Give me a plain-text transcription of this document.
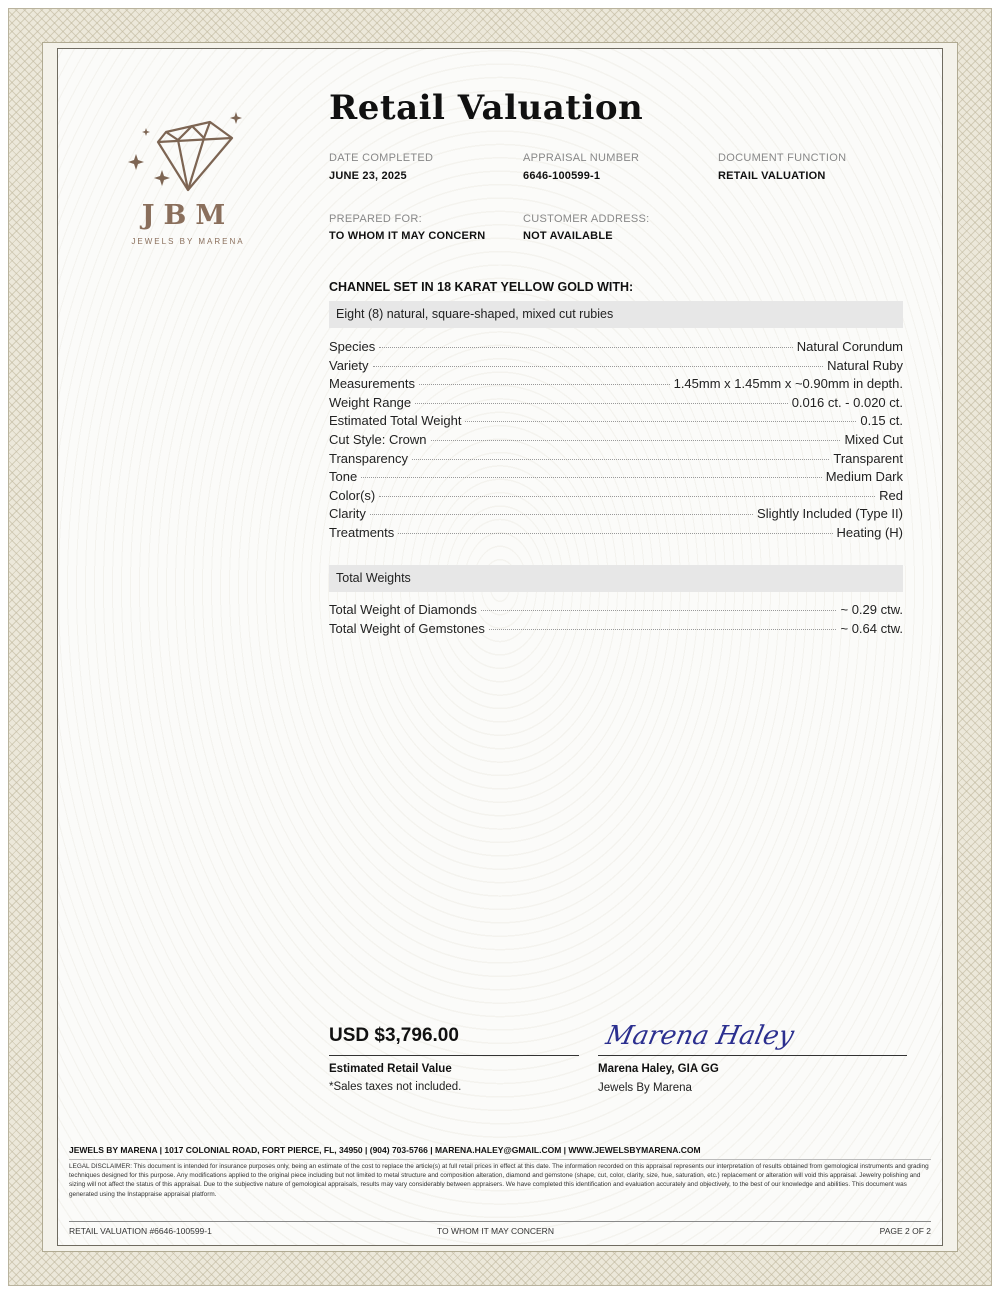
JBM
JEWELS BY MARENA
Retail Valuation
DATE COMPLETED
JUNE 23, 2025
APPRAISAL NUMBER
6646-100599-1
DOCUMENT FUNCTION
RETAIL VALUATION
PREPARED FOR:
TO WHOM IT MAY CONCERN
CUSTOMER ADDRESS:
NOT AVAILABLE
CHANNEL SET IN 18 KARAT YELLOW GOLD WITH:
Eight (8) natural, square-shaped, mixed cut rubies
Species	Natural Corundum
Variety	Natural Ruby
Measurements	1.45mm x 1.45mm x ~0.90mm in depth.
Weight Range	0.016 ct. - 0.020 ct.
Estimated Total Weight	0.15 ct.
Cut Style: Crown	Mixed Cut
Transparency	Transparent
Tone	Medium Dark
Color(s)	Red
Clarity	Slightly Included (Type II)
Treatments	Heating (H)
Total Weights
Total Weight of Diamonds	~ 0.29 ctw.
Total Weight of Gemstones	~ 0.64 ctw.
USD $3,796.00
Estimated Retail Value
*Sales taxes not included.
Marena Haley
Marena Haley, GIA GG
Jewels By Marena
JEWELS BY MARENA | 1017 COLONIAL ROAD, FORT PIERCE, FL, 34950 | (904) 703-5766 | MARENA.HALEY@GMAIL.COM | WWW.JEWELSBYMARENA.COM
LEGAL DISCLAIMER: This document is intended for insurance purposes only, being an estimate of the cost to replace the article(s) at full retail prices in effect at this date. The information recorded on this appraisal represents our interpretation of results obtained from gemological instruments and grading techniques designed for this purpose. Any modifications applied to the original piece including but not limited to metal structure and composition alteration, diamond and gemstone (shape, cut, color, clarity, size, hue, saturation, etc.) replacement or alteration will void this appraisal. Jewelry polishing and sizing will not affect the status of this appraisal. Due to the subjective nature of gemological appraisals, results may vary considerably between appraisers. We have completed this identification and evaluation accurately and objectively, to the best of our knowledge and abilities. This document was generated using the Instappraise appraisal platform.
RETAIL VALUATION #6646-100599-1	TO WHOM IT MAY CONCERN	PAGE 2 OF 2
